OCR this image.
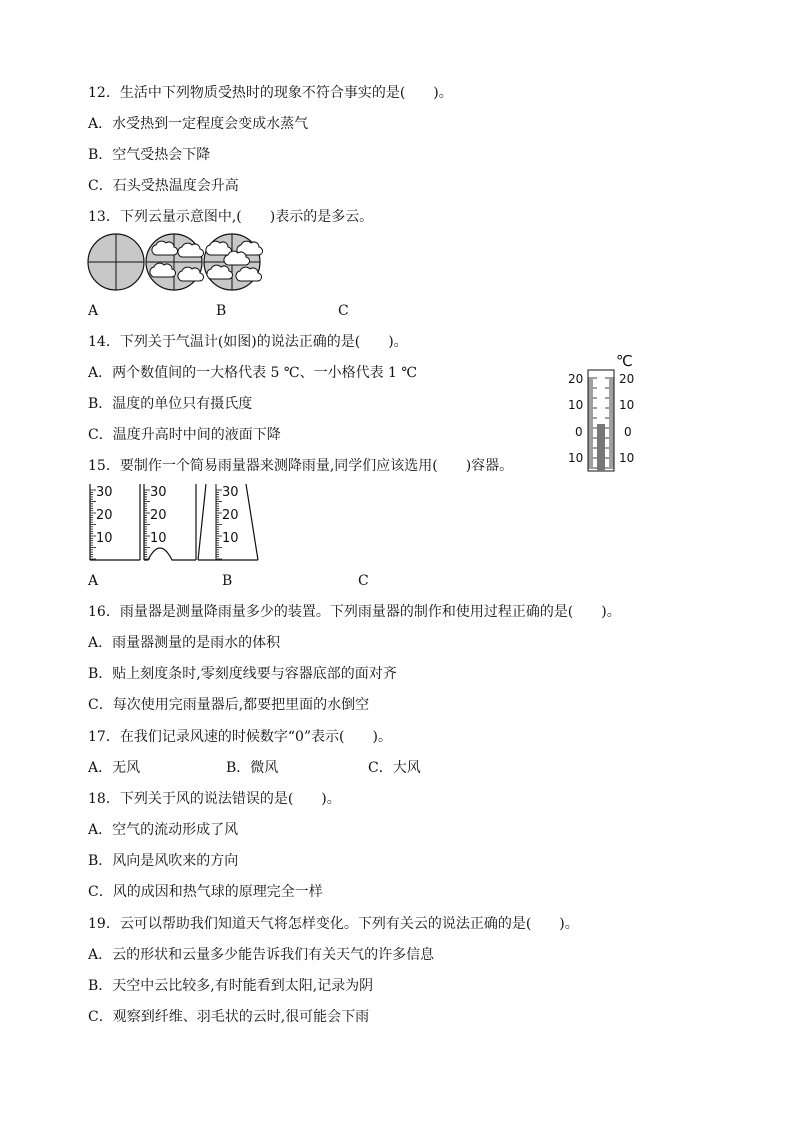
12．生活中下列物质受热时的现象不符合事实的是(　　)。
A．水受热到一定程度会变成水蒸气
B．空气受热会下降
C．石头受热温度会升高
13．下列云量示意图中,(　　)表示的是多云。
A	B	C
14．下列关于气温计(如图)的说法正确的是(　　)。
A．两个数值间的一大格代表 5 ℃、一小格代表 1 ℃
B．温度的单位只有摄氏度
C．温度升高时中间的液面下降
℃
20
10
0
10
20
10
0
10
15．要制作一个简易雨量器来测降雨量,同学们应该选用(　　)容器。
30
20
10
30
20
10
30
20
10
A	B	C
16．雨量器是测量降雨量多少的装置。下列雨量器的制作和使用过程正确的是(　　)。
A．雨量器测量的是雨水的体积
B．贴上刻度条时,零刻度线要与容器底部的面对齐
C．每次使用完雨量器后,都要把里面的水倒空
17．在我们记录风速的时候数字“0”表示(　　)。
A．无风	B．微风	C．大风
18．下列关于风的说法错误的是(　　)。
A．空气的流动形成了风
B．风向是风吹来的方向
C．风的成因和热气球的原理完全一样
19．云可以帮助我们知道天气将怎样变化。下列有关云的说法正确的是(　　)。
A．云的形状和云量多少能告诉我们有关天气的许多信息
B．天空中云比较多,有时能看到太阳,记录为阴
C．观察到纤维、羽毛状的云时,很可能会下雨
